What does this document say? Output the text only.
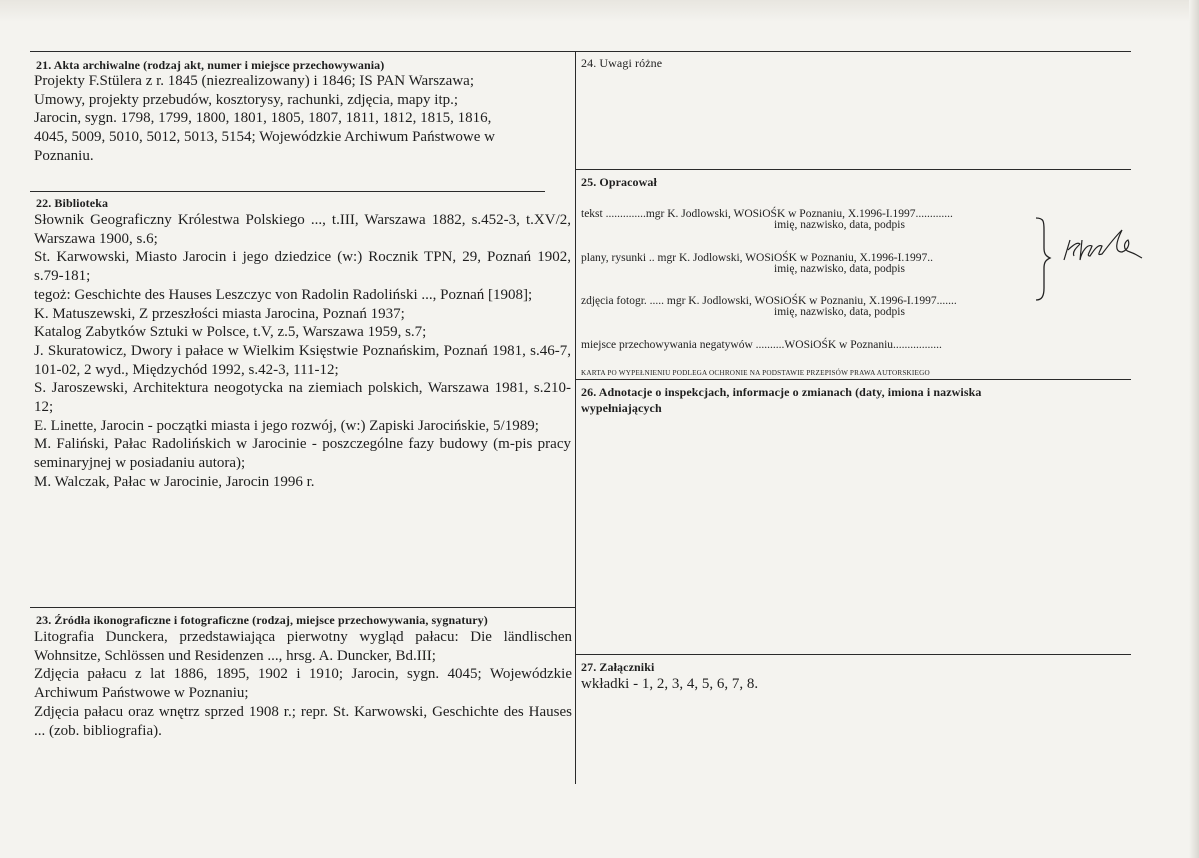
21. Akta archiwalne (rodzaj akt, numer i miejsce przechowywania)

Projekty F.Stülera z r. 1845 (niezrealizowany) i 1846; IS PAN Warszawa;

Umowy, projekty przebudów, kosztorysy, rachunki, zdjęcia, mapy itp.;

Jarocin, sygn. 1798, 1799, 1800, 1801, 1805, 1807, 1811, 1812, 1815, 1816,

4045, 5009, 5010, 5012, 5013, 5154; Wojewódzkie Archiwum Państwowe w

Poznaniu.

22. Biblioteka

Słownik Geograficzny Królestwa Polskiego ..., t.III, Warszawa 1882, s.452-3, t.XV/2, Warszawa 1900, s.6;

St. Karwowski, Miasto Jarocin i jego dziedzice (w:) Rocznik TPN, 29, Poznań 1902, s.79-181;

tegoż: Geschichte des Hauses Leszczyc von Radolin Radoliński ..., Poznań [1908];

K. Matuszewski, Z przeszłości miasta Jarocina, Poznań 1937;

Katalog Zabytków Sztuki w Polsce, t.V, z.5, Warszawa 1959, s.7;

J. Skuratowicz, Dwory i pałace w Wielkim Księstwie Poznańskim, Poznań 1981, s.46-7, 101-02, 2 wyd., Międzychód 1992, s.42-3, 111-12;

S. Jaroszewski, Architektura neogotycka na ziemiach polskich, Warszawa 1981, s.210-12;

E. Linette, Jarocin - początki miasta i jego rozwój, (w:) Zapiski Jarocińskie, 5/1989;

M. Faliński, Pałac Radolińskich w Jarocinie - poszczególne fazy budowy (m-pis pracy seminaryjnej w posiadaniu autora);

M. Walczak, Pałac w Jarocinie, Jarocin 1996 r.

23. Źródła ikonograficzne i fotograficzne (rodzaj, miejsce przechowywania, sygnatury)

Litografia Dunckera, przedstawiająca pierwotny wygląd pałacu: Die ländlischen Wohnsitze, Schlössen und Residenzen ..., hrsg. A. Duncker, Bd.III;

Zdjęcia pałacu z lat 1886, 1895, 1902 i 1910; Jarocin, sygn. 4045; Wojewódzkie Archiwum Państwowe w Poznaniu;

Zdjęcia pałacu oraz wnętrz sprzed 1908 r.; repr. St. Karwowski, Geschichte des Hauses ... (zob. bibliografia).

24. Uwagi różne
25. Opracował
tekst ..............mgr K. Jodlowski, WOSiOŚK w Poznaniu, X.1996-I.1997.............
imię, nazwisko, data, podpis
plany, rysunki .. mgr K. Jodlowski, WOSiOŚK w Poznaniu, X.1996-I.1997..
imię, nazwisko, data, podpis
zdjęcia fotogr. ..... mgr K. Jodlowski, WOSiOŚK w Poznaniu, X.1996-I.1997.......
imię, nazwisko, data, podpis
miejsce przechowywania negatywów ..........WOSiOŚK w Poznaniu.................
KARTA PO WYPEŁNIENIU PODLEGA OCHRONIE NA PODSTAWIE PRZEPISÓW PRAWA AUTORSKIEGO
26. Adnotacje o inspekcjach, informacje o zmianach (daty, imiona i nazwiska
wypełniających
27. Załączniki
wkładki - 1, 2, 3, 4, 5, 6, 7, 8.
